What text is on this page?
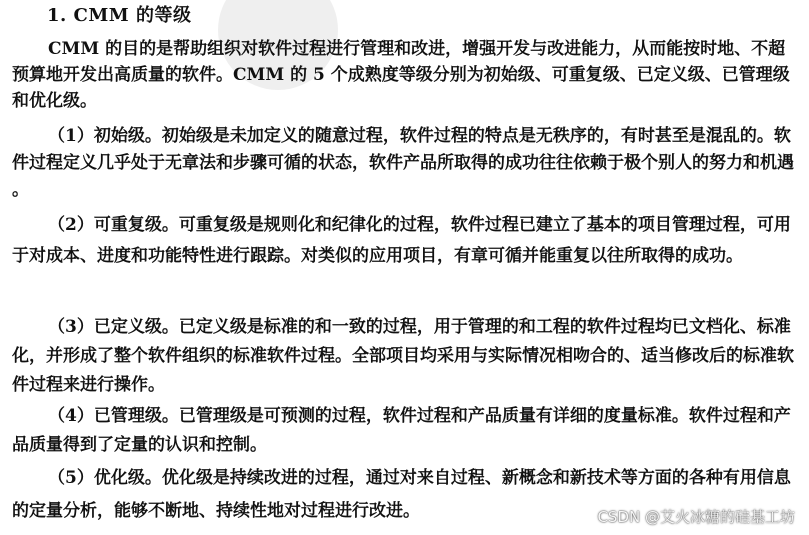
1. CMM 的等级
CMM 的目的是帮助组织对软件过程进行管理和改进，增强开发与改进能力，从而能按时地、不超预算地开发出高质量的软件。CMM 的 5 个成熟度等级分别为初始级、可重复级、已定义级、已管理级和优化级。
（1）初始级。初始级是未加定义的随意过程，软件过程的特点是无秩序的，有时甚至是混乱的。软件过程定义几乎处于无章法和步骤可循的状态，软件产品所取得的成功往往依赖于极个别人的努力和机遇。
（2）可重复级。可重复级是规则化和纪律化的过程，软件过程已建立了基本的项目管理过程，可用于对成本、进度和功能特性进行跟踪。对类似的应用项目，有章可循并能重复以往所取得的成功。
（3）已定义级。已定义级是标准的和一致的过程，用于管理的和工程的软件过程均已文档化、标准化，并形成了整个软件组织的标准软件过程。全部项目均采用与实际情况相吻合的、适当修改后的标准软件过程来进行操作。
（4）已管理级。已管理级是可预测的过程，软件过程和产品质量有详细的度量标准。软件过程和产品质量得到了定量的认识和控制。
（5）优化级。优化级是持续改进的过程，通过对来自过程、新概念和新技术等方面的各种有用信息的定量分析，能够不断地、持续性地对过程进行改进。	CSDN @艾火冰糖的硅基工坊
